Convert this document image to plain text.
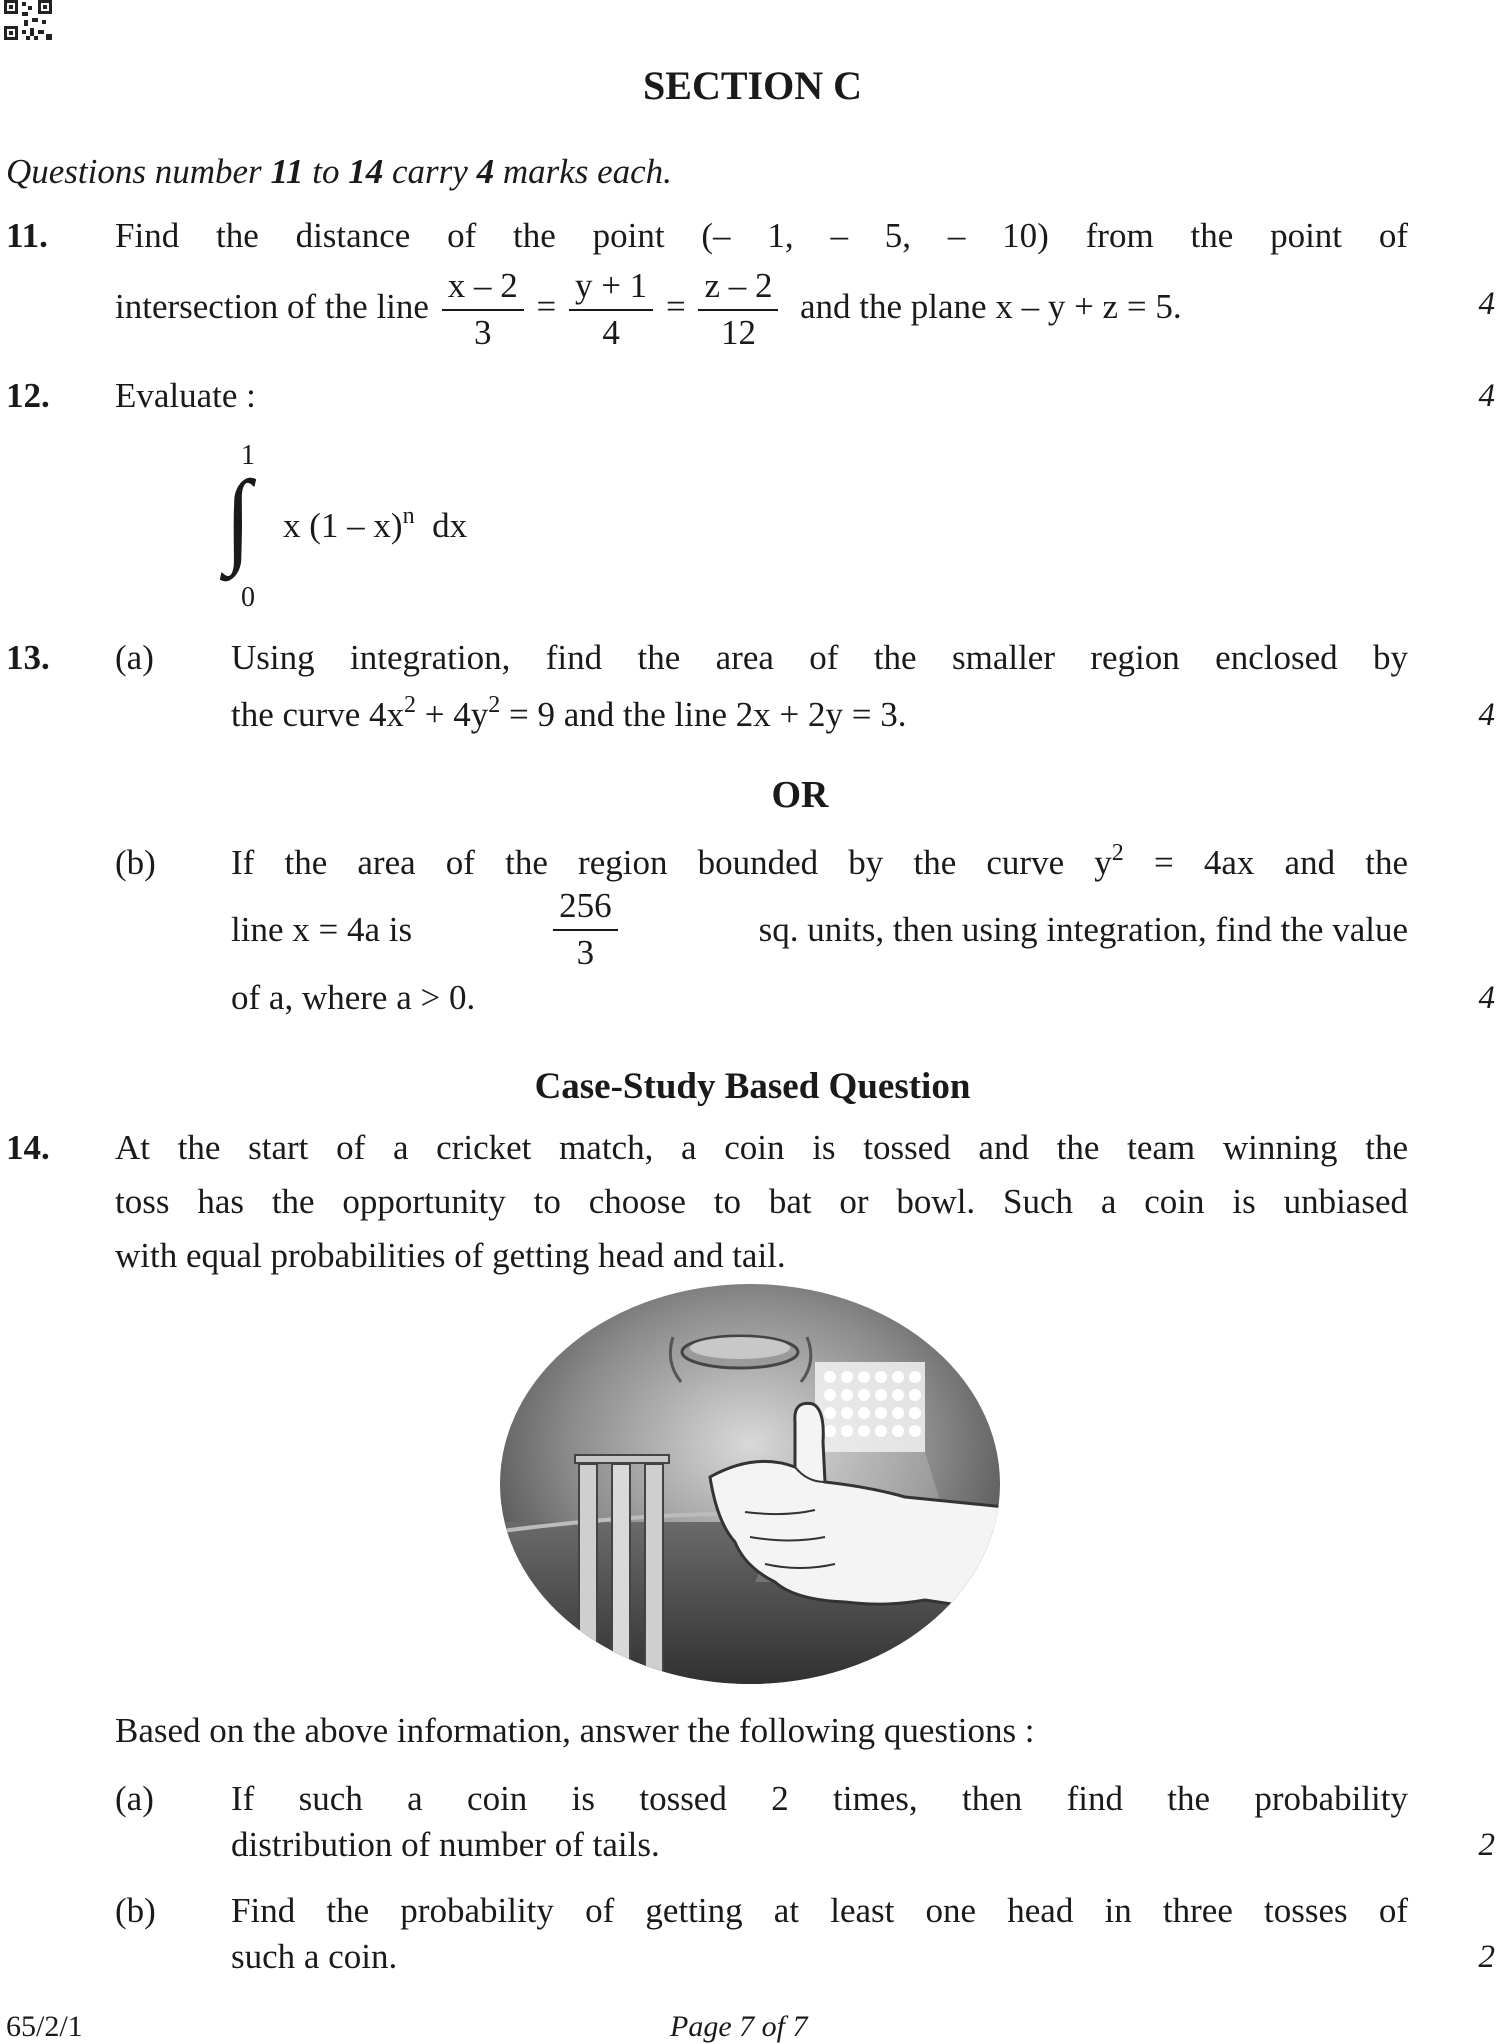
SECTION C
Questions number 11 to 14 carry 4 marks each.
11. Find the distance of the point (– 1, – 5, – 10) from the point of
intersection of the line $\frac{x - 2}{3} = \frac{y + 1}{4} = \frac{z - 2}{12}$ and the plane x – y + z = 5.	4
12. Evaluate :	4
1
∫
0
x (1 – x)$^n$ dx
13. (a) Using integration, find the area of the smaller region enclosed by
the curve $4x^2 + 4y^2 = 9$ and the line 2x + 2y = 3.	4
OR
(b) If the area of the region bounded by the curve $y^2 = 4ax$ and the
line x = 4a is	$\frac{256}{3}$	sq. units, then using integration, find the value
of a, where a > 0.	4
Case-Study Based Question
14. At the start of a cricket match, a coin is tossed and the team winning the
toss has the opportunity to choose to bat or bowl. Such a coin is unbiased
with equal probabilities of getting head and tail.
Based on the above information, answer the following questions :
(a) If such a coin is tossed 2 times, then find the probability
distribution of number of tails.	2
(b) Find the probability of getting at least one head in three tosses of
such a coin.	2
65/2/1	Page 7 of 7
